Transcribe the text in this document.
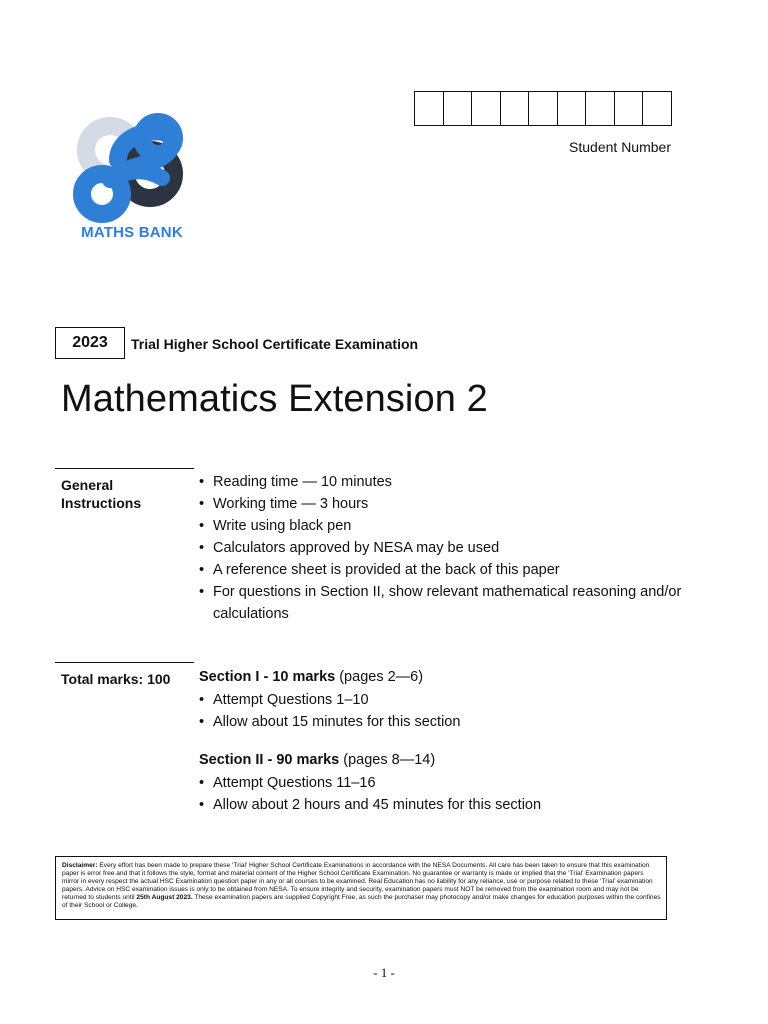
MATHS BANK
Student Number
2023	Trial Higher School Certificate Examination
Mathematics Extension 2
General Instructions
• Reading time — 10 minutes
• Working time — 3 hours
• Write using black pen
• Calculators approved by NESA may be used
• A reference sheet is provided at the back of this paper
• For questions in Section II, show relevant mathematical reasoning and/or calculations
Total marks: 100	Section I - 10 marks (pages 2—6)
• Attempt Questions 1–10
• Allow about 15 minutes for this section
Section II - 90 marks (pages 8—14)
• Attempt Questions 11–16
• Allow about 2 hours and 45 minutes for this section
Disclaimer: Every effort has been made to prepare these ‘Trial’ Higher School Certificate Examinations in accordance with the NESA Documents. All care has been taken to ensure that this examination paper is error free and that it follows the style, format and material content of the Higher School Certificate Examination. No guarantee or warranty is made or implied that the ‘Trial’ Examination papers mirror in every respect the actual HSC Examination question paper in any or all courses to be examined. Real Education has no liability for any reliance, use or purpose related to these ‘Trial’ examination papers. Advice on HSC examination issues is only to be obtained from NESA. To ensure integrity and security, examination papers must NOT be removed from the examination room and may not be returned to students until 25th August 2023. These examination papers are supplied Copyright Free, as such the purchaser may photocopy and/or make changes for education purposes within the confines of their School or College.
- 1 -
